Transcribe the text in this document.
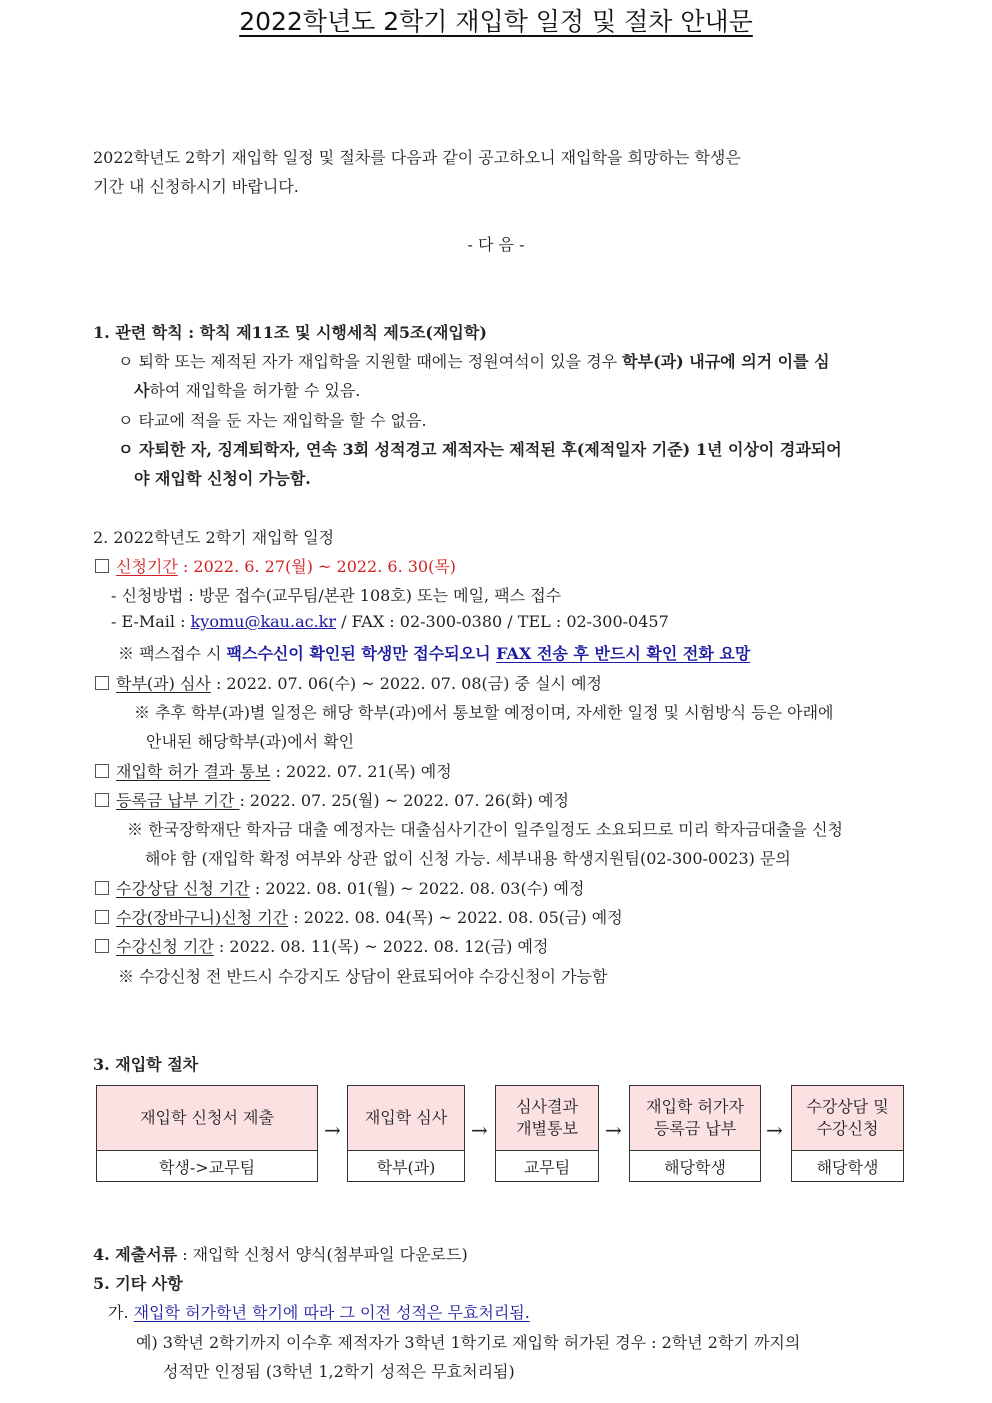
2022학년도 2학기 재입학 일정 및 절차 안내문
2022학년도 2학기 재입학 일정 및 절차를 다음과 같이 공고하오니 재입학을 희망하는 학생은
기간 내 신청하시기 바랍니다.
- 다 음 -
1. 관련 학칙 : 학칙 제11조 및 시행세칙 제5조(재입학)
ㅇ 퇴학 또는 제적된 자가 재입학을 지원할 때에는 정원여석이 있을 경우 학부(과) 내규에 의거 이를 심
사하여 재입학을 허가할 수 있음.
ㅇ 타교에 적을 둔 자는 재입학을 할 수 없음.
ㅇ 자퇴한 자, 징계퇴학자, 연속 3회 성적경고 제적자는 제적된 후(제적일자 기준) 1년 이상이 경과되어
야 재입학 신청이 가능함.
2. 2022학년도 2학기 재입학 일정
신청기간 : 2022. 6. 27(월) ~ 2022. 6. 30(목)
- 신청방법 : 방문 접수(교무팀/본관 108호) 또는 메일, 팩스 접수
- E-Mail : kyomu@kau.ac.kr / FAX : 02-300-0380 / TEL : 02-300-0457
※ 팩스접수 시 팩스수신이 확인된 학생만 접수되오니 FAX 전송 후 반드시 확인 전화 요망
학부(과) 심사 : 2022. 07. 06(수) ~ 2022. 07. 08(금) 중 실시 예정
※ 추후 학부(과)별 일정은 해당 학부(과)에서 통보할 예정이며, 자세한 일정 및 시험방식 등은 아래에
안내된 해당학부(과)에서 확인
재입학 허가 결과 통보 : 2022. 07. 21(목) 예정
등록금 납부 기간 : 2022. 07. 25(월) ~ 2022. 07. 26(화) 예정
※ 한국장학재단 학자금 대출 예정자는 대출심사기간이 일주일정도 소요되므로 미리 학자금대출을 신청
해야 함 (재입학 확정 여부와 상관 없이 신청 가능. 세부내용 학생지원팀(02-300-0023) 문의
수강상담 신청 기간 : 2022. 08. 01(월) ~ 2022. 08. 03(수) 예정
수강(장바구니)신청 기간 : 2022. 08. 04(목) ~ 2022. 08. 05(금) 예정
수강신청 기간 : 2022. 08. 11(목) ~ 2022. 08. 12(금) 예정
※ 수강신청 전 반드시 수강지도 상담이 완료되어야 수강신청이 가능함
3. 재입학 절차
재입학 신청서 제출
학생->교무팀
→
재입학 심사
학부(과)
→
심사결과
개별통보
교무팀
→
재입학 허가자
등록금 납부
해당학생
→
수강상담 및
수강신청
해당학생
4. 제출서류 : 재입학 신청서 양식(첨부파일 다운로드)
5. 기타 사항
가. 재입학 허가학년 학기에 따라 그 이전 성적은 무효처리됨.
예) 3학년 2학기까지 이수후 제적자가 3학년 1학기로 재입학 허가된 경우 : 2학년 2학기 까지의
성적만 인정됨 (3학년 1,2학기 성적은 무효처리됨)
